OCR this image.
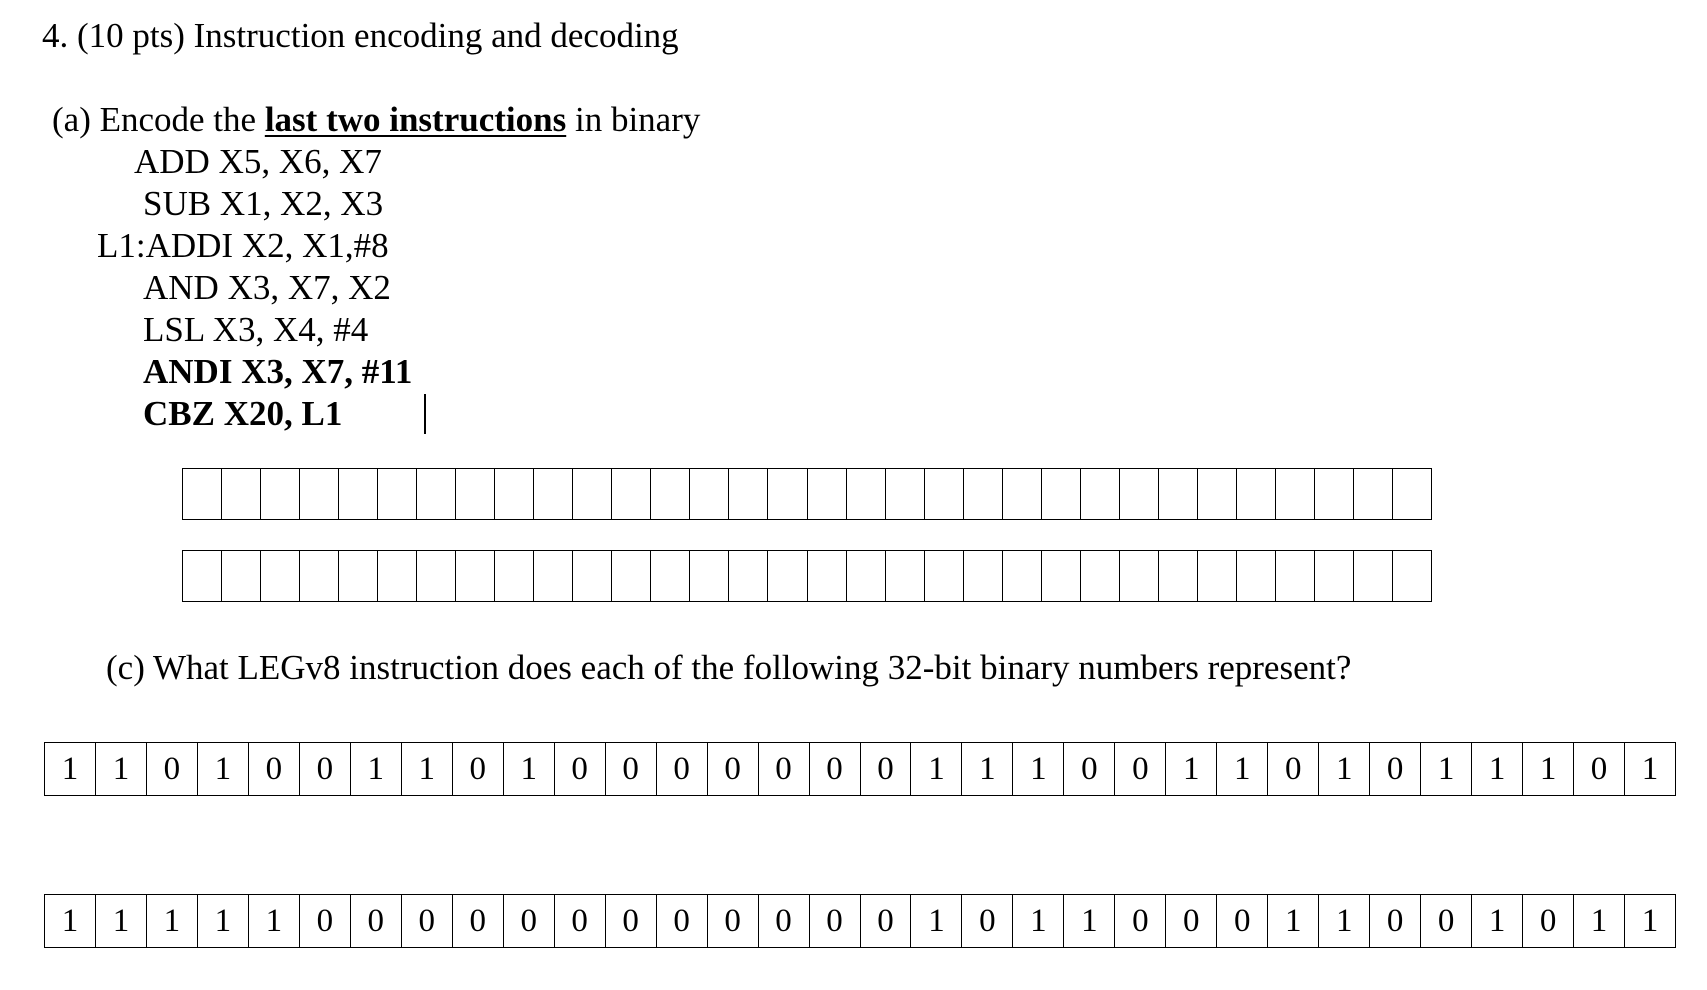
4. (10 pts) Instruction encoding and decoding
(a) Encode the last two instructions in binary
ADD X5, X6, X7
SUB X1, X2, X3
L1:ADDI X2, X1,#8
AND X3, X7, X2
LSL X3, X4, #4
ANDI X3, X7, #11
CBZ X20, L1
(c) What LEGv8 instruction does each of the following 32-bit binary numbers represent?
1	1	0	1	0	0	1	1	0	1	0	0	0	0	0	0	0	1	1	1	0	0	1	1	0	1	0	1	1	1	0	1
1	1	1	1	1	0	0	0	0	0	0	0	0	0	0	0	0	1	0	1	1	0	0	0	1	1	0	0	1	0	1	1
